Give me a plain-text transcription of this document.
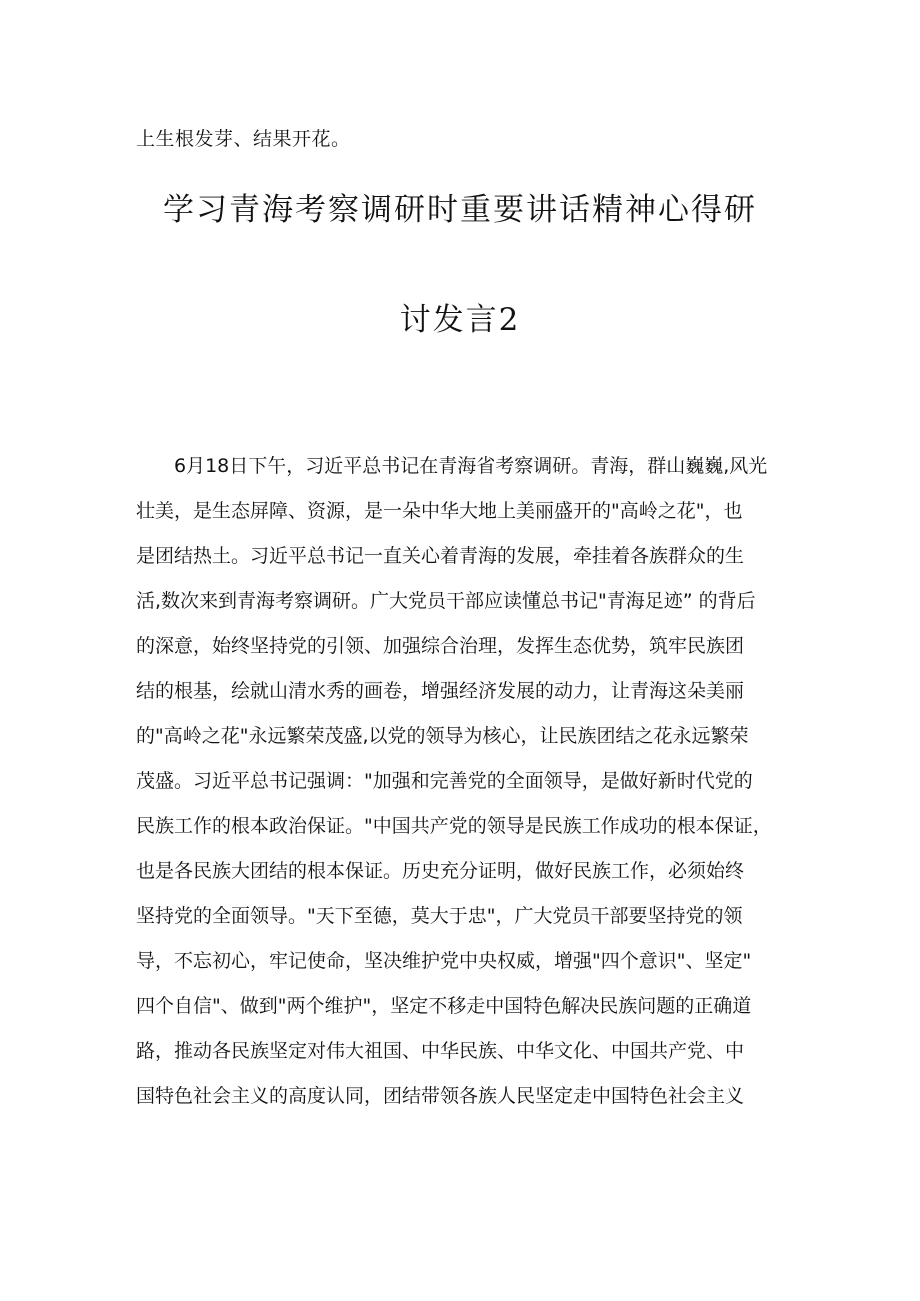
上生根发芽、结果开花。
学习青海考察调研时重要讲话精神心得研
讨发言2
6月18日下午，习近平总书记在青海省考察调研。青海，群山巍巍,风光
壮美，是生态屏障、资源，是一朵中华大地上美丽盛开的"高岭之花"，也
是团结热土。习近平总书记一直关心着青海的发展，牵挂着各族群众的生
活,数次来到青海考察调研。广大党员干部应读懂总书记"青海足迹” 的背后
的深意，始终坚持党的引领、加强综合治理，发挥生态优势，筑牢民族团
结的根基，绘就山清水秀的画卷，增强经济发展的动力，让青海这朵美丽
的"高岭之花"永远繁荣茂盛,以党的领导为核心，让民族团结之花永远繁荣
茂盛。习近平总书记强调："加强和完善党的全面领导，是做好新时代党的
民族工作的根本政治保证。"中国共产党的领导是民族工作成功的根本保证，
也是各民族大团结的根本保证。历史充分证明，做好民族工作，必须始终
坚持党的全面领导。"天下至德，莫大于忠"，广大党员干部要坚持党的领
导，不忘初心，牢记使命，坚决维护党中央权威，增强"四个意识"、坚定"
四个自信"、做到"两个维护"，坚定不移走中国特色解决民族问题的正确道
路，推动各民族坚定对伟大祖国、中华民族、中华文化、中国共产党、中
国特色社会主义的高度认同，团结带领各族人民坚定走中国特色社会主义
